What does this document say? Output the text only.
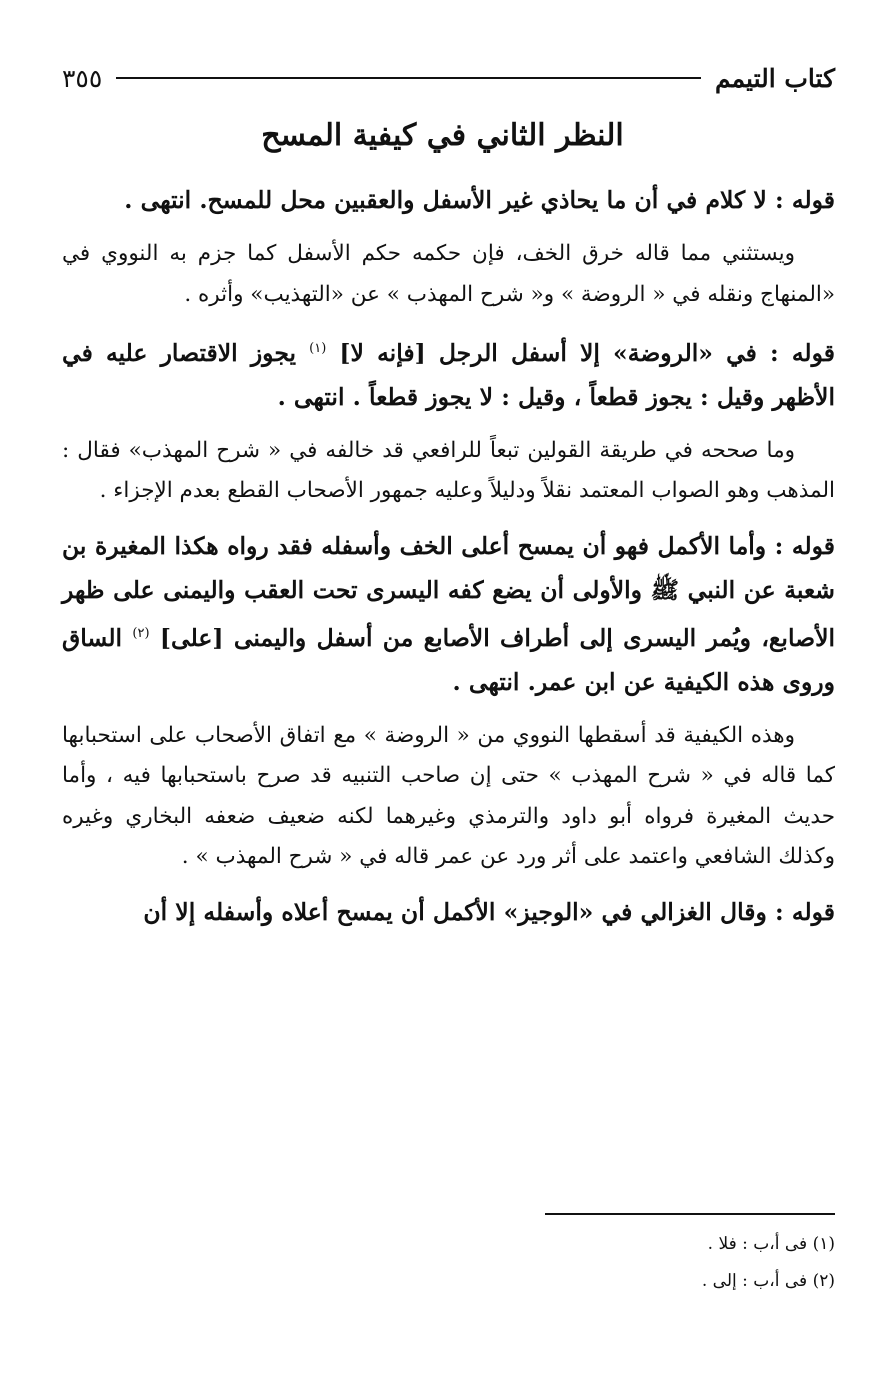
كتاب التيمم
٣٥٥
النظر الثاني في كيفية المسح

قوله : لا كلام في أن ما يحاذي غير الأسفل والعقبين محل للمسح. انتهى .

ويستثني مما قاله خرق الخف، فإن حكمه حكم الأسفل كما جزم به النووي في «المنهاج ونقله في « الروضة » و« شرح المهذب » عن «التهذيب» وأثره .

قوله : في «الروضة» إلا أسفل الرجل [فإنه لا] $^{(١)}$ يجوز الاقتصار عليه في الأظهر وقيل : يجوز قطعاً ، وقيل : لا يجوز قطعاً . انتهى .

وما صححه في طريقة القولين تبعاً للرافعي قد خالفه في « شرح المهذب» فقال : المذهب وهو الصواب المعتمد نقلاً ودليلاً وعليه جمهور الأصحاب القطع بعدم الإجزاء .

قوله : وأما الأكمل فهو أن يمسح أعلى الخف وأسفله فقد رواه هكذا المغيرة بن شعبة عن النبي ﷺ والأولى أن يضع كفه اليسرى تحت العقب واليمنى على ظهر الأصابع، ويُمر اليسرى إلى أطراف الأصابع من أسفل واليمنى [على] $^{(٢)}$ الساق وروى هذه الكيفية عن ابن عمر. انتهى .

وهذه الكيفية قد أسقطها النووي من « الروضة » مع اتفاق الأصحاب على استحبابها كما قاله في « شرح المهذب » حتى إن صاحب التنبيه قد صرح باستحبابها فيه ، وأما حديث المغيرة فرواه أبو داود والترمذي وغيرهما لكنه ضعيف ضعفه البخاري وغيره وكذلك الشافعي واعتمد على أثر ورد عن عمر قاله في « شرح المهذب » .

قوله : وقال الغزالي في «الوجيز» الأكمل أن يمسح أعلاه وأسفله إلا أن

(١) فى أ،ب : فلا .

(٢) فى أ،ب : إلى .
